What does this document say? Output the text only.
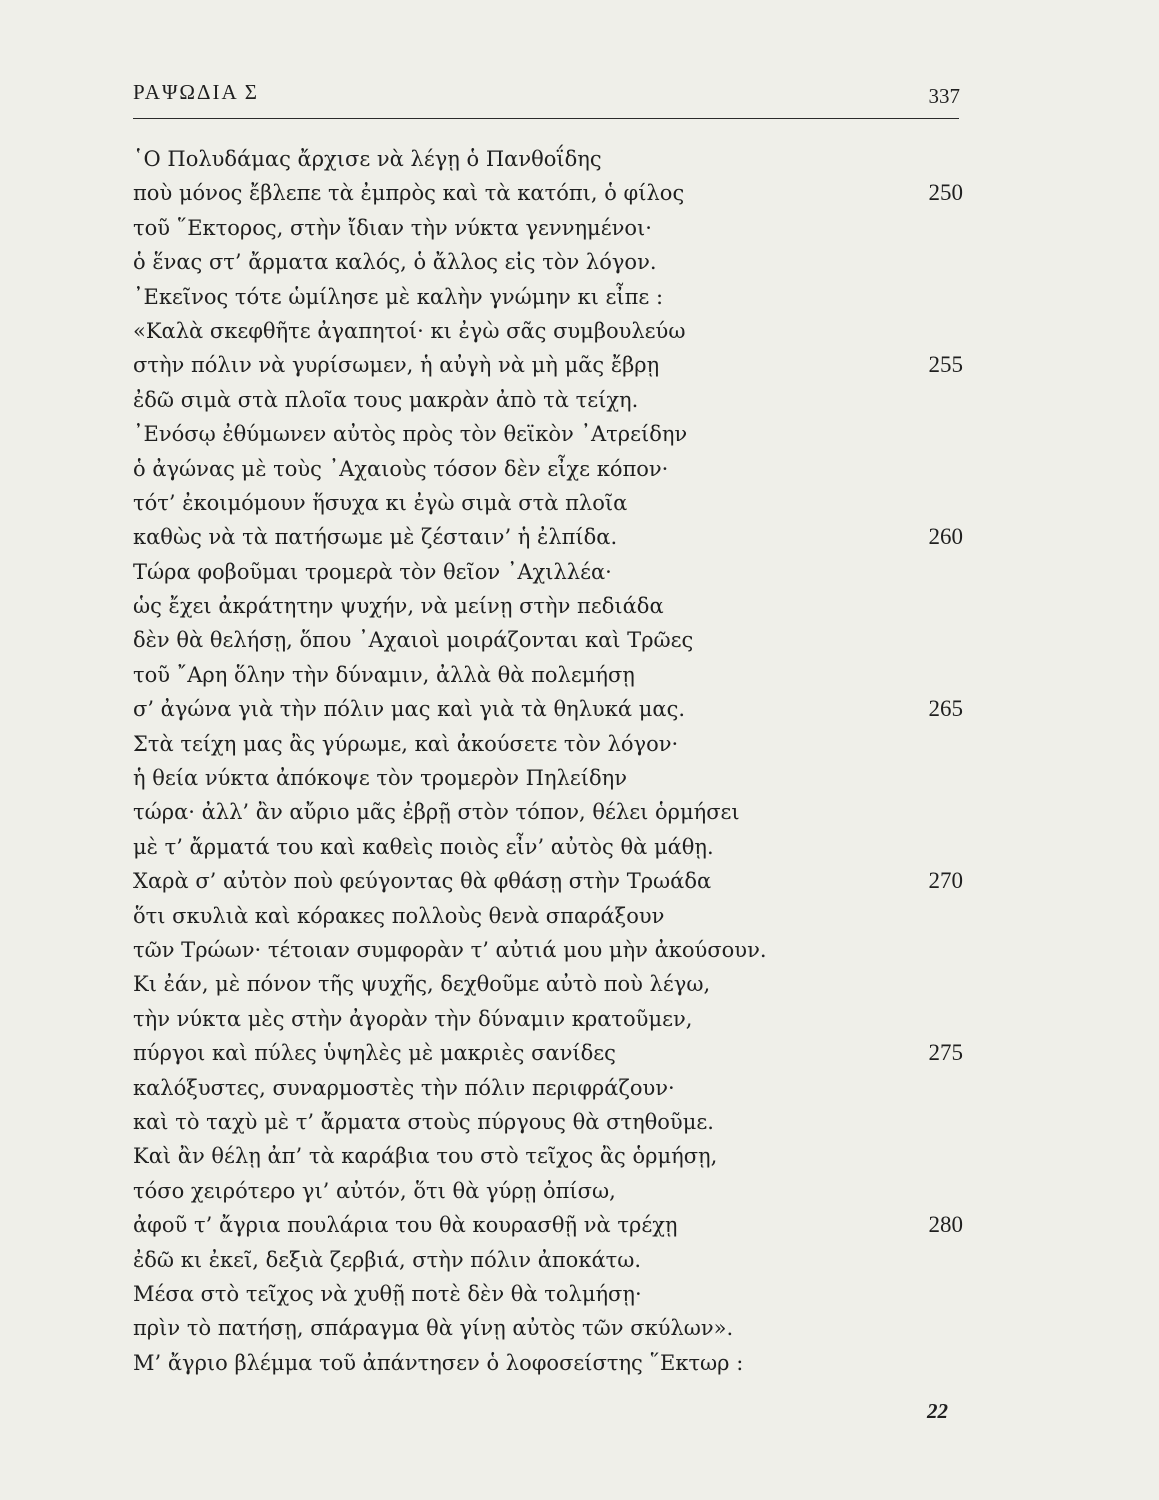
ΡΑΨΩΔΙΑ Σ	337
῾Ο Πολυδάμας ἄρχισε νὰ λέγῃ ὁ Πανθοΐδης
ποὺ μόνος ἔβλεπε τὰ ἐμπρὸς καὶ τὰ κατόπι, ὁ φίλος	250
τοῦ ῞Εκτορος, στὴν ἴδιαν τὴν νύκτα γεννημένοι·
ὁ ἕνας στ’ ἄρματα καλός, ὁ ἄλλος εἰς τὸν λόγον.
᾿Εκεῖνος τότε ὡμίλησε μὲ καλὴν γνώμην κι εἶπε :
«Καλὰ σκεφθῆτε ἀγαπητοί· κι ἐγὼ σᾶς συμβουλεύω
στὴν πόλιν νὰ γυρίσωμεν, ἡ αὐγὴ νὰ μὴ μᾶς ἔβρῃ	255
ἐδῶ σιμὰ στὰ πλοῖα τους μακρὰν ἀπὸ τὰ τείχη.
᾿Ενόσῳ ἐθύμωνεν αὐτὸς πρὸς τὸν θεϊκὸν ᾿Ατρείδην
ὁ ἀγώνας μὲ τοὺς ᾿Αχαιοὺς τόσον δὲν εἶχε κόπον·
τότ’ ἐκοιμόμουν ἥσυχα κι ἐγὼ σιμὰ στὰ πλοῖα
καθὼς νὰ τὰ πατήσωμε μὲ ζέσταιν’ ἡ ἐλπίδα.	260
Τώρα φοβοῦμαι τρομερὰ τὸν θεῖον ᾿Αχιλλέα·
ὡς ἔχει ἀκράτητην ψυχήν, νὰ μείνῃ στὴν πεδιάδα
δὲν θὰ θελήσῃ, ὅπου ᾿Αχαιοὶ μοιράζονται καὶ Τρῶες
τοῦ ῎Αρη ὅλην τὴν δύναμιν, ἀλλὰ θὰ πολεμήσῃ
σ’ ἀγώνα γιὰ τὴν πόλιν μας καὶ γιὰ τὰ θηλυκά μας.	265
Στὰ τείχη μας ἂς γύρωμε, καὶ ἀκούσετε τὸν λόγον·
ἡ θεία νύκτα ἀπόκοψε τὸν τρομερὸν Πηλείδην
τώρα· ἀλλ’ ἂν αὔριο μᾶς ἐβρῇ στὸν τόπον, θέλει ὁρμήσει
μὲ τ’ ἄρματά του καὶ καθεὶς ποιὸς εἶν’ αὐτὸς θὰ μάθῃ.
Χαρὰ σ’ αὐτὸν ποὺ φεύγοντας θὰ φθάσῃ στὴν Τρωάδα	270
ὅτι σκυλιὰ καὶ κόρακες πολλοὺς θενὰ σπαράξουν
τῶν Τρώων· τέτοιαν συμφορὰν τ’ αὐτιά μου μὴν ἀκούσουν.
Κι ἐάν, μὲ πόνον τῆς ψυχῆς, δεχθοῦμε αὐτὸ ποὺ λέγω,
τὴν νύκτα μὲς στὴν ἀγορὰν τὴν δύναμιν κρατοῦμεν,
πύργοι καὶ πύλες ὑψηλὲς μὲ μακριὲς σανίδες	275
καλόξυστες, συναρμοστὲς τὴν πόλιν περιφράζουν·
καὶ τὸ ταχὺ μὲ τ’ ἄρματα στοὺς πύργους θὰ στηθοῦμε.
Καὶ ἂν θέλῃ ἀπ’ τὰ καράβια του στὸ τεῖχος ἂς ὁρμήσῃ,
τόσο χειρότερο γι’ αὐτόν, ὅτι θὰ γύρῃ ὀπίσω,
ἀφοῦ τ’ ἄγρια πουλάρια του θὰ κουρασθῇ νὰ τρέχῃ	280
ἐδῶ κι ἐκεῖ, δεξιὰ ζερβιά, στὴν πόλιν ἀποκάτω.
Μέσα στὸ τεῖχος νὰ χυθῇ ποτὲ δὲν θὰ τολμήσῃ·
πρὶν τὸ πατήσῃ, σπάραγμα θὰ γίνῃ αὐτὸς τῶν σκύλων».
Μ’ ἄγριο βλέμμα τοῦ ἀπάντησεν ὁ λοφοσείστης ῞Εκτωρ :
22
